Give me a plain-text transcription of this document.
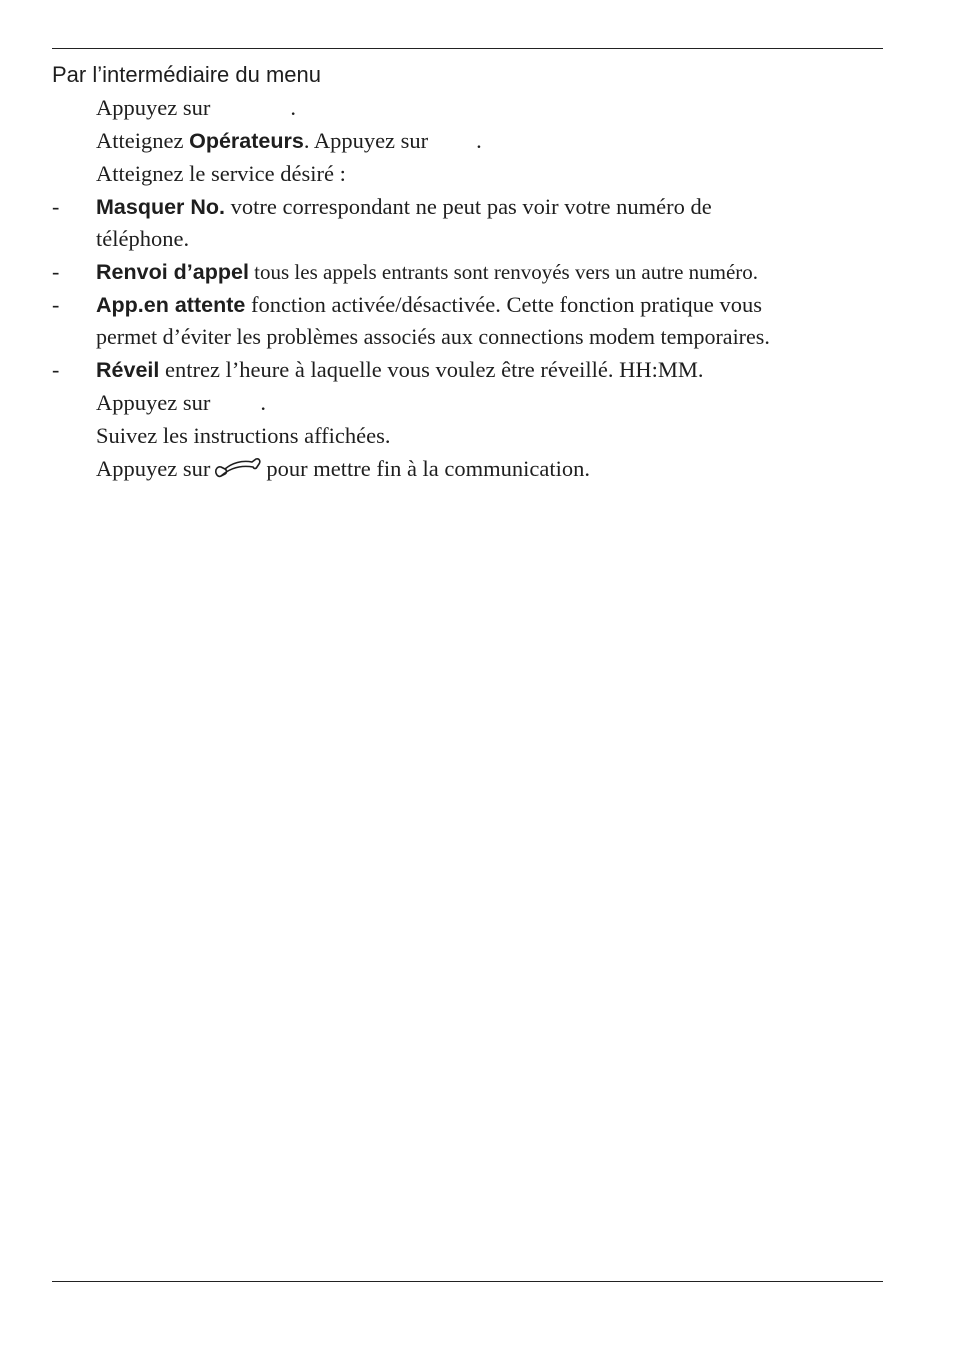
Par l’intermédiaire du menu
Appuyez sur	.
Atteignez Opérateurs. Appuyez sur .
Atteignez le service désiré :
- Masquer No. votre correspondant ne peut pas voir votre numéro de
téléphone.
- Renvoi d’appel tous les appels entrants sont renvoyés vers un autre numéro.
- App.en attente fonction activée/désactivée. Cette fonction pratique vous
permet d’éviter les problèmes associés aux connections modem temporaires.
- Réveil entrez l’heure à laquelle vous voulez être réveillé. HH:MM.
Appuyez sur .
Suivez les instructions affichées.
Appuyez sur pour mettre fin à la communication.
